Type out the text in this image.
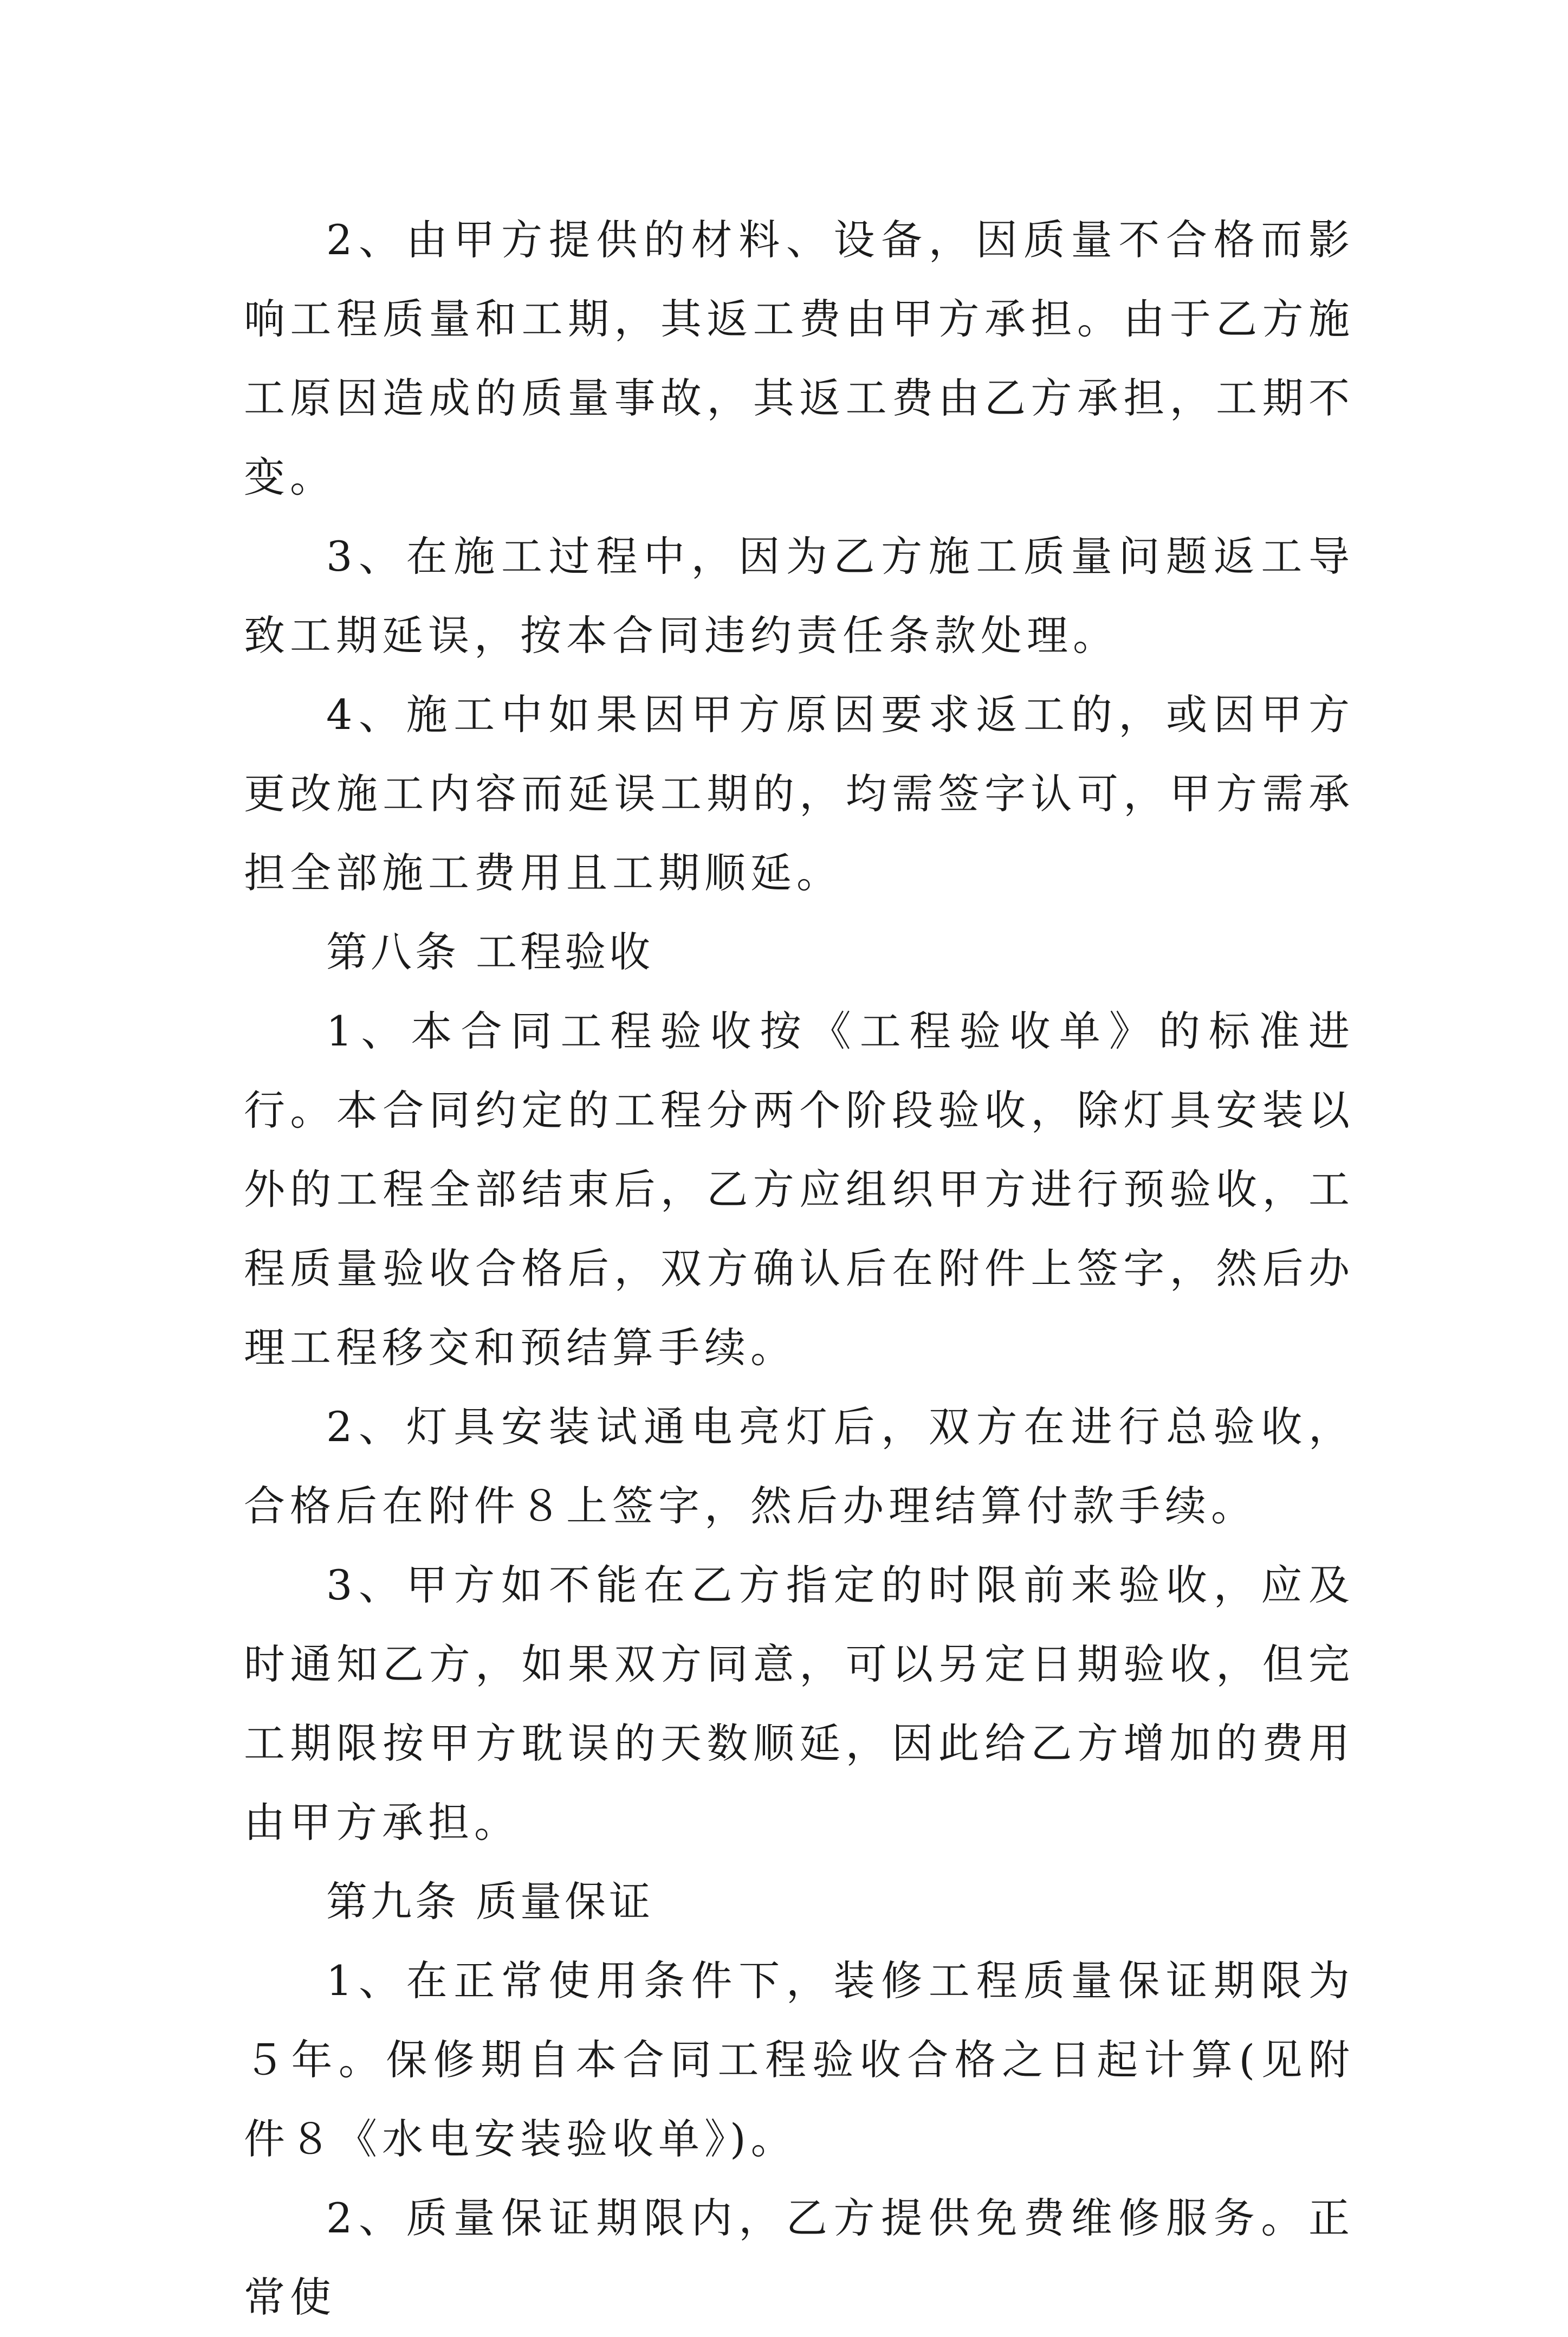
2、由甲方提供的材料、设备，因质量不合格而影响工程质量和工期，其返工费由甲方承担。由于乙方施工原因造成的质量事故，其返工费由乙方承担，工期不变。

3、在施工过程中，因为乙方施工质量问题返工导致工期延误，按本合同违约责任条款处理。

4、施工中如果因甲方原因要求返工的，或因甲方更改施工内容而延误工期的，均需签字认可，甲方需承担全部施工费用且工期顺延。

第八条 工程验收

1、本合同工程验收按《工程验收单》的标准进行。本合同约定的工程分两个阶段验收，除灯具安装以外的工程全部结束后，乙方应组织甲方进行预验收，工程质量验收合格后，双方确认后在附件上签字，然后办理工程移交和预结算手续。

2、灯具安装试通电亮灯后，双方在进行总验收，合格后在附件８上签字，然后办理结算付款手续。

3、甲方如不能在乙方指定的时限前来验收，应及时通知乙方，如果双方同意，可以另定日期验收，但完工期限按甲方耽误的天数顺延，因此给乙方增加的费用由甲方承担。

第九条 质量保证

1、在正常使用条件下，装修工程质量保证期限为５年。保修期自本合同工程验收合格之日起计算(见附件８《水电安装验收单》)。

2、质量保证期限内，乙方提供免费维修服务。正常使
